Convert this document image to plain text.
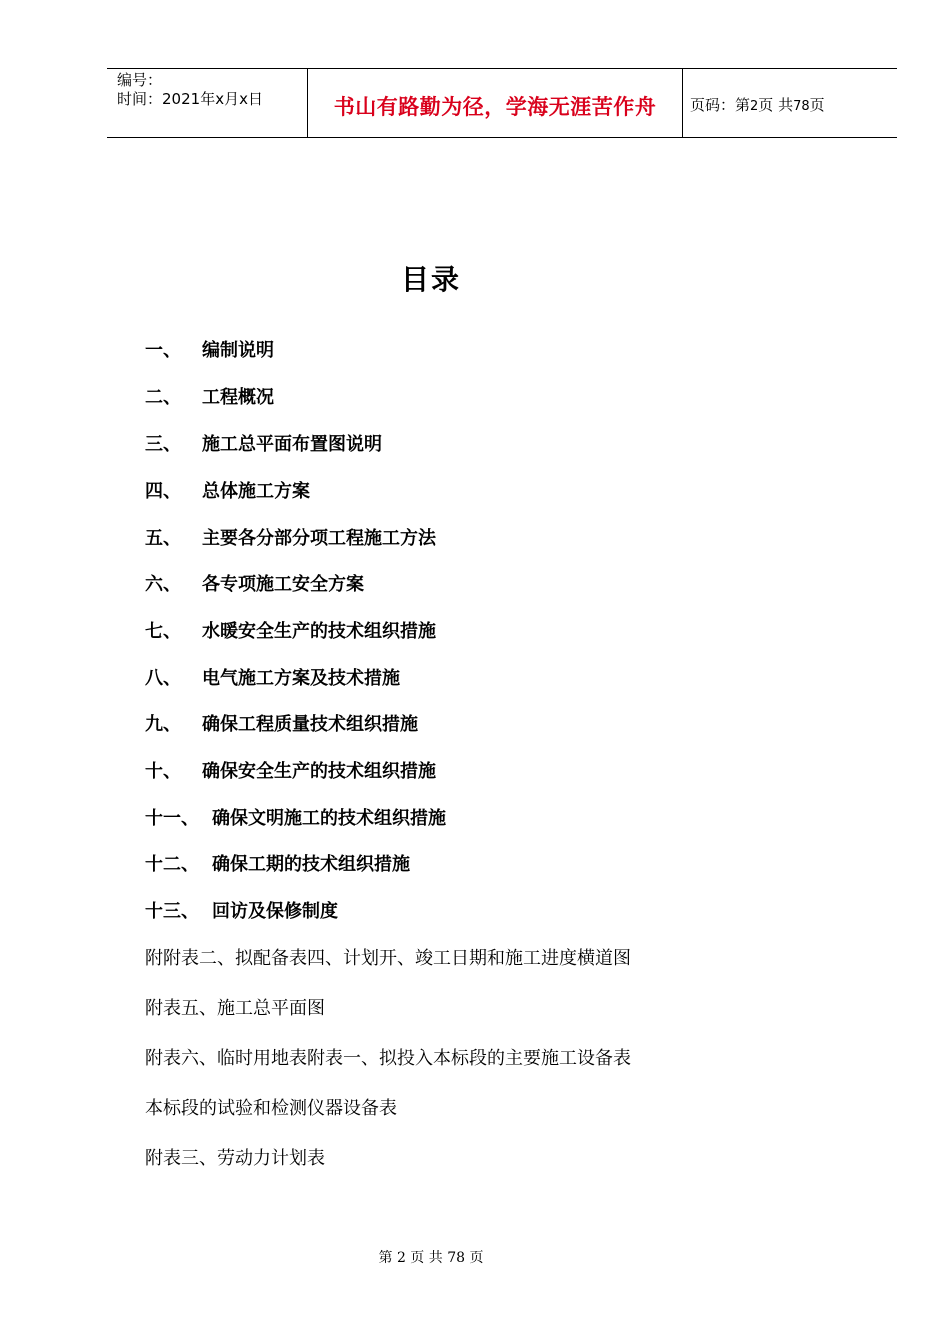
编号：
时间：2021年x月x日	书山有路勤为径，学海无涯苦作舟	页码：第2页 共78页
目录
一、 编制说明
二、 工程概况
三、 施工总平面布置图说明
四、 总体施工方案
五、 主要各分部分项工程施工方法
六、 各专项施工安全方案
七、 水暖安全生产的技术组织措施
八、 电气施工方案及技术措施
九、 确保工程质量技术组织措施
十、 确保安全生产的技术组织措施
十一、 确保文明施工的技术组织措施
十二、 确保工期的技术组织措施
十三、 回访及保修制度
附附表二、拟配备表四、计划开、竣工日期和施工进度横道图
附表五、施工总平面图
附表六、临时用地表附表一、拟投入本标段的主要施工设备表
本标段的试验和检测仪器设备表
附表三、劳动力计划表
第 2 页 共 78 页
